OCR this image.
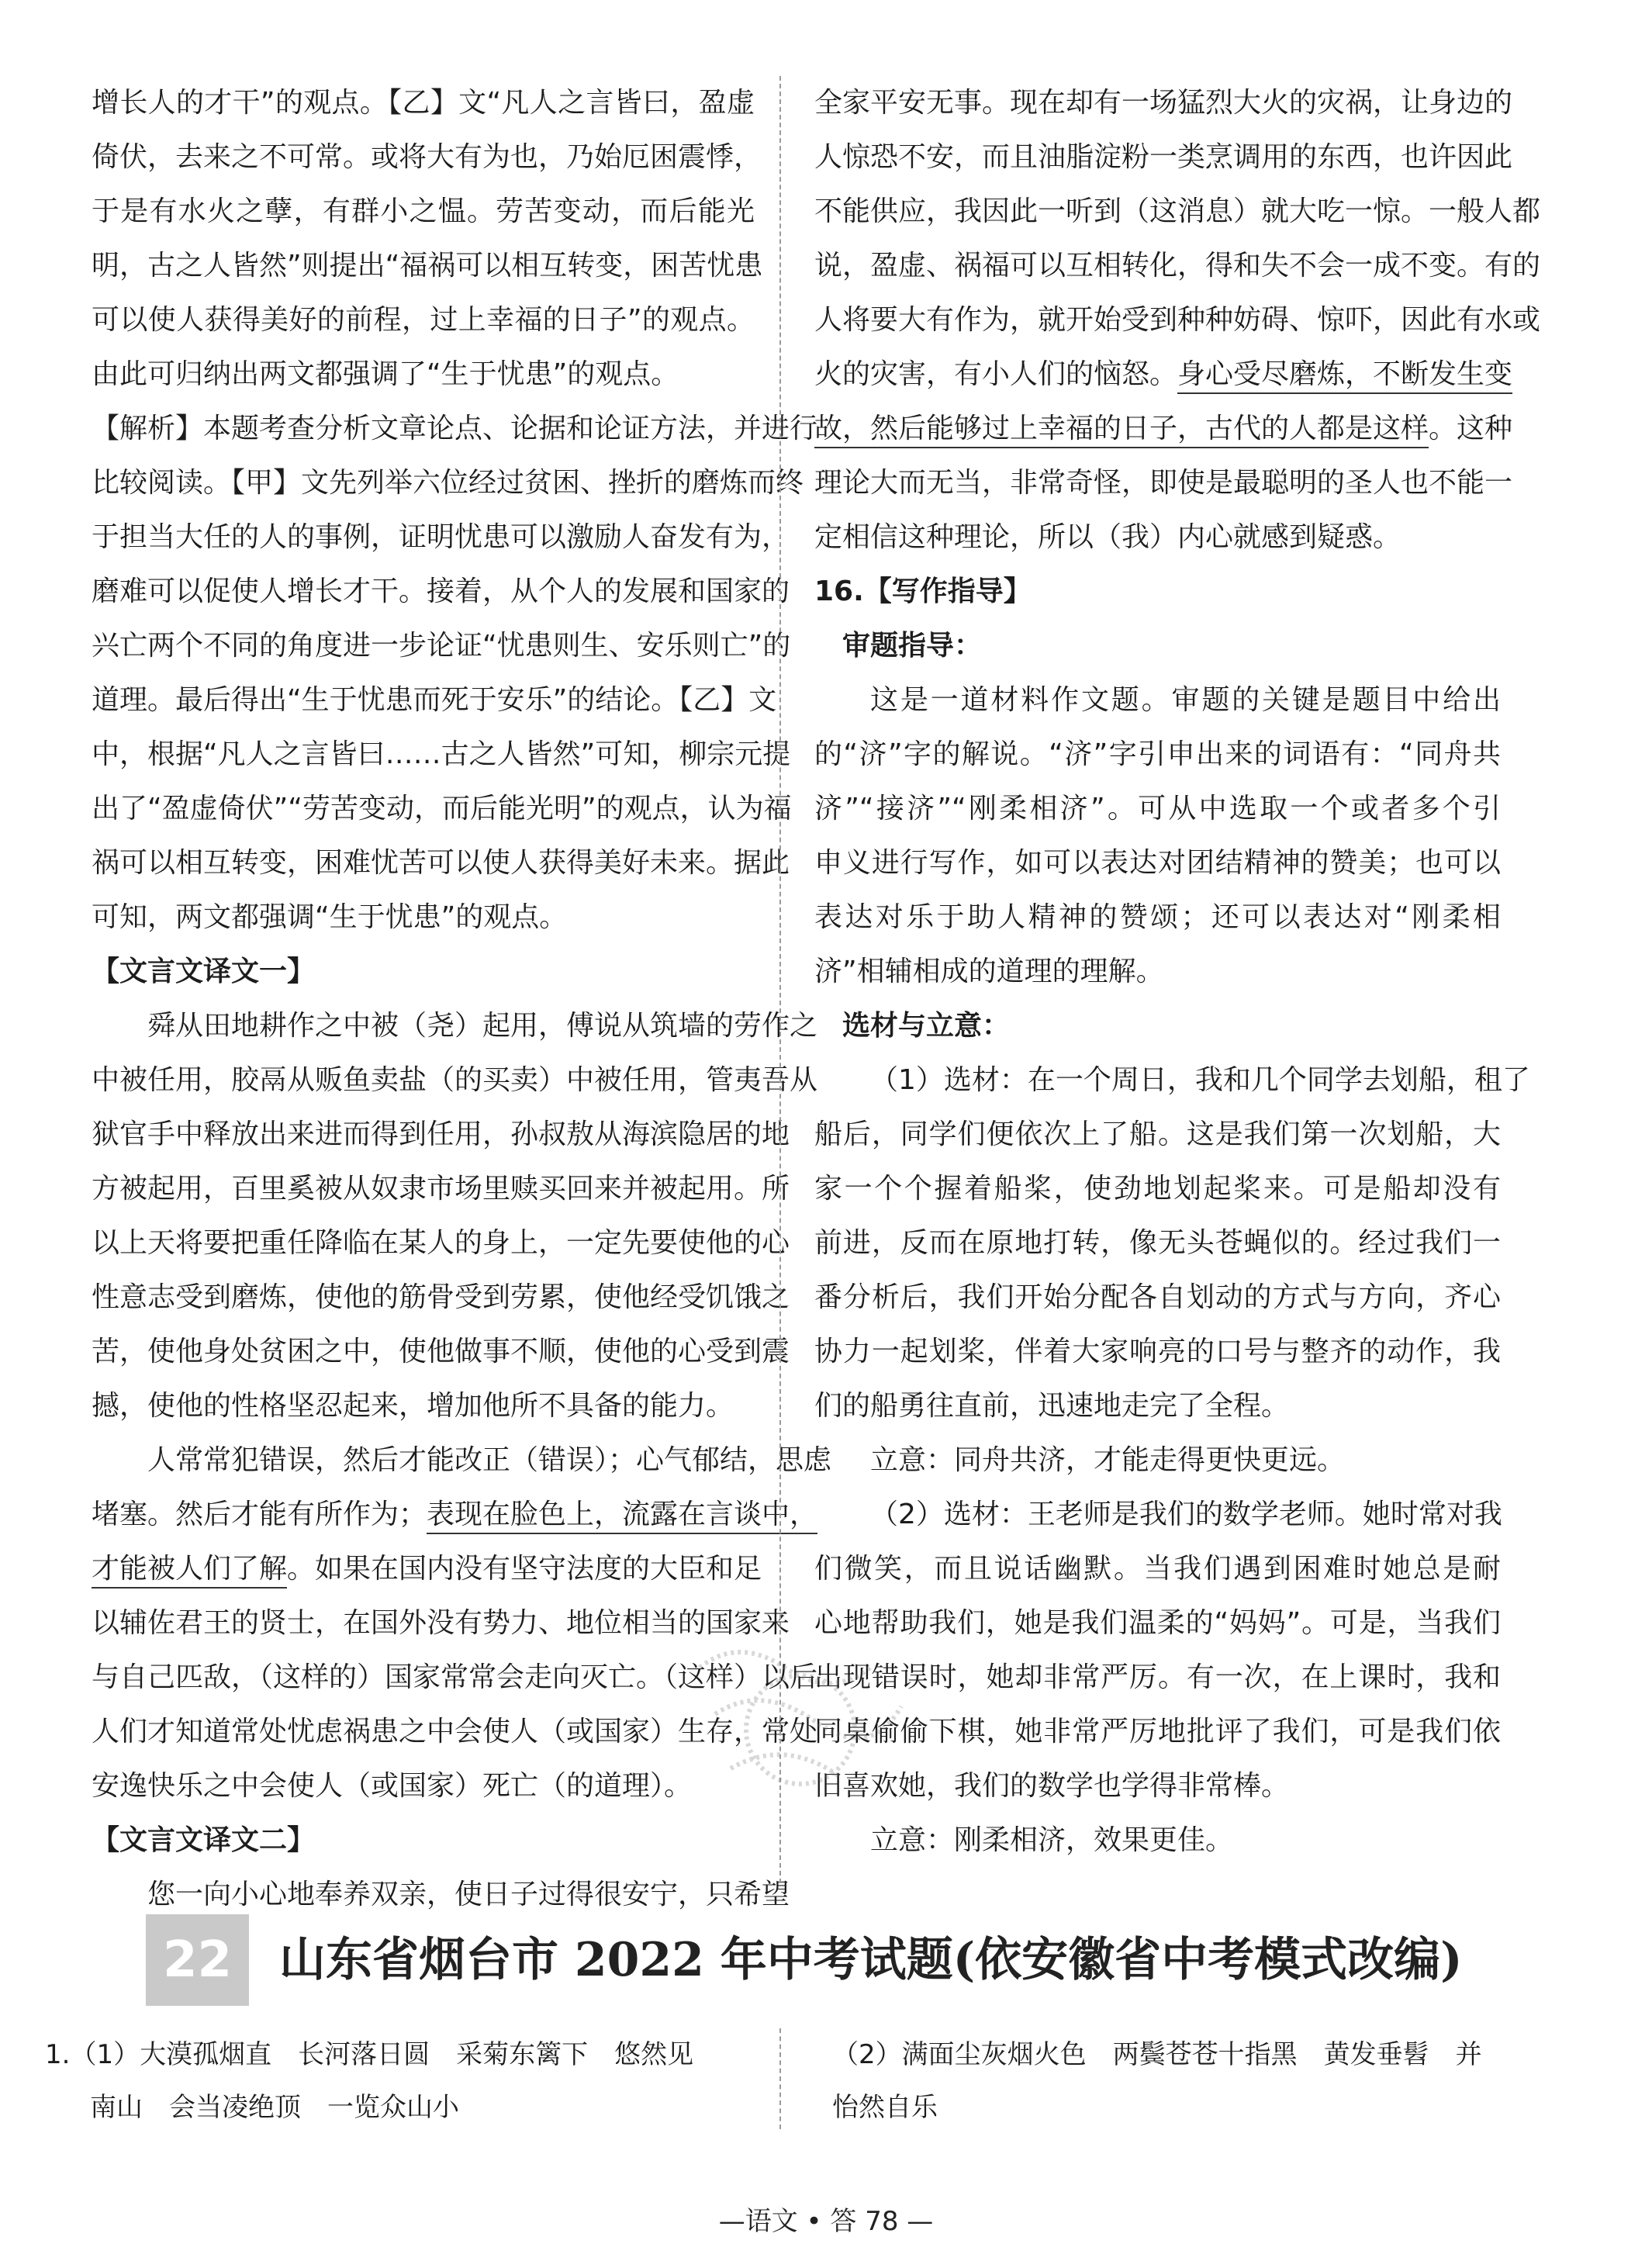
增长人的才干”的观点。【乙】文“凡人之言皆曰，盈虚
倚伏，去来之不可常。或将大有为也，乃始厄困震悸，
于是有水火之孽，有群小之愠。劳苦变动，而后能光
明，古之人皆然”则提出“福祸可以相互转变，困苦忧患
可以使人获得美好的前程，过上幸福的日子”的观点。
由此可归纳出两文都强调了“生于忧患”的观点。
【解析】本题考查分析文章论点、论据和论证方法，并进行
比较阅读。【甲】文先列举六位经过贫困、挫折的磨炼而终
于担当大任的人的事例，证明忧患可以激励人奋发有为，
磨难可以促使人增长才干。接着，从个人的发展和国家的
兴亡两个不同的角度进一步论证“忧患则生、安乐则亡”的
道理。最后得出“生于忧患而死于安乐”的结论。【乙】文
中，根据“凡人之言皆曰……古之人皆然”可知，柳宗元提
出了“盈虚倚伏”“劳苦变动，而后能光明”的观点，认为福
祸可以相互转变，困难忧苦可以使人获得美好未来。据此
可知，两文都强调“生于忧患”的观点。
【文言文译文一】
舜从田地耕作之中被（尧）起用，傅说从筑墙的劳作之
中被任用，胶鬲从贩鱼卖盐（的买卖）中被任用，管夷吾从
狱官手中释放出来进而得到任用，孙叔敖从海滨隐居的地
方被起用，百里奚被从奴隶市场里赎买回来并被起用。所
以上天将要把重任降临在某人的身上，一定先要使他的心
性意志受到磨炼，使他的筋骨受到劳累，使他经受饥饿之
苦，使他身处贫困之中，使他做事不顺，使他的心受到震
撼，使他的性格坚忍起来，增加他所不具备的能力。
人常常犯错误，然后才能改正（错误）；心气郁结，思虑
堵塞。然后才能有所作为；表现在脸色上，流露在言谈中，
才能被人们了解。如果在国内没有坚守法度的大臣和足
以辅佐君王的贤士，在国外没有势力、地位相当的国家来
与自己匹敌，（这样的）国家常常会走向灭亡。（这样）以后
人们才知道常处忧虑祸患之中会使人（或国家）生存，常处
安逸快乐之中会使人（或国家）死亡（的道理）。
【文言文译文二】
您一向小心地奉养双亲，使日子过得很安宁，只希望
全家平安无事。现在却有一场猛烈大火的灾祸，让身边的
人惊恐不安，而且油脂淀粉一类烹调用的东西，也许因此
不能供应，我因此一听到（这消息）就大吃一惊。一般人都
说，盈虚、祸福可以互相转化，得和失不会一成不变。有的
人将要大有作为，就开始受到种种妨碍、惊吓，因此有水或
火的灾害，有小人们的恼怒。身心受尽磨炼，不断发生变
故，然后能够过上幸福的日子，古代的人都是这样。这种
理论大而无当，非常奇怪，即使是最聪明的圣人也不能一
定相信这种理论，所以（我）内心就感到疑惑。
16.【写作指导】
审题指导：
这是一道材料作文题。审题的关键是题目中给出
的“济”字的解说。“济”字引申出来的词语有：“同舟共
济”“接济”“刚柔相济”。可从中选取一个或者多个引
申义进行写作，如可以表达对团结精神的赞美；也可以
表达对乐于助人精神的赞颂；还可以表达对“刚柔相
济”相辅相成的道理的理解。
选材与立意：
（1）选材：在一个周日，我和几个同学去划船，租了
船后，同学们便依次上了船。这是我们第一次划船，大
家一个个握着船桨，使劲地划起桨来。可是船却没有
前进，反而在原地打转，像无头苍蝇似的。经过我们一
番分析后，我们开始分配各自划动的方式与方向，齐心
协力一起划桨，伴着大家响亮的口号与整齐的动作，我
们的船勇往直前，迅速地走完了全程。
立意：同舟共济，才能走得更快更远。
（2）选材：王老师是我们的数学老师。她时常对我
们微笑，而且说话幽默。当我们遇到困难时她总是耐
心地帮助我们，她是我们温柔的“妈妈”。可是，当我们
出现错误时，她却非常严厉。有一次，在上课时，我和
同桌偷偷下棋，她非常严厉地批评了我们，可是我们依
旧喜欢她，我们的数学也学得非常棒。
立意：刚柔相济，效果更佳。
22	山东省烟台市 2022 年中考试题(依安徽省中考模式改编)
1.（1）大漠孤烟直　长河落日圆　采菊东篱下　悠然见
南山　会当凌绝顶　一览众山小
（2）满面尘灰烟火色　两鬓苍苍十指黑　黄发垂髫　并
怡然自乐
—语文 • 答 78 —
